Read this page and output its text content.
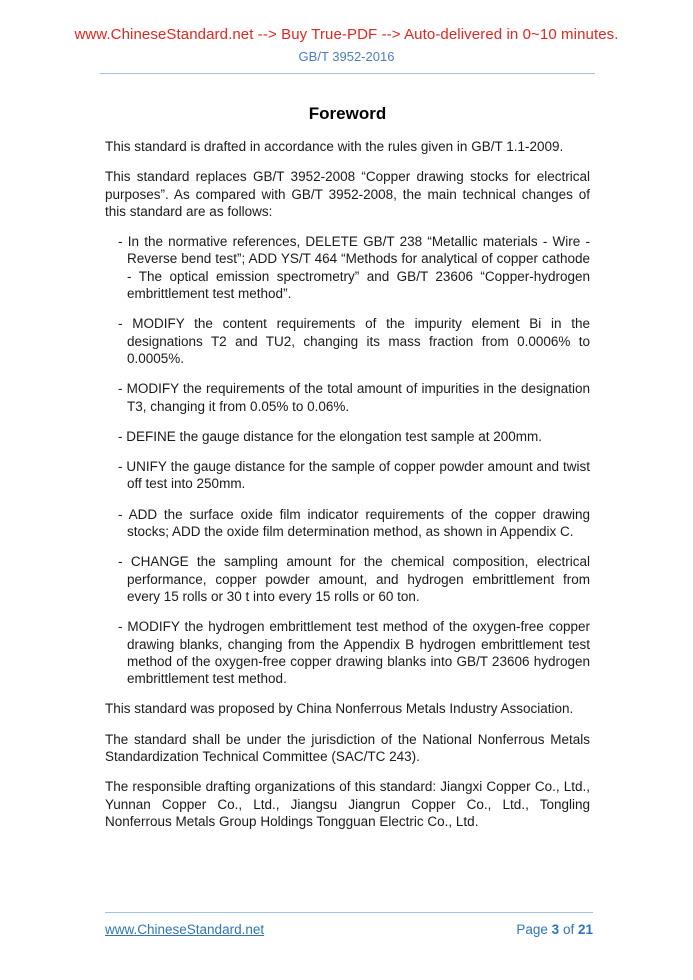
www.ChineseStandard.net --> Buy True-PDF --> Auto-delivered in 0~10 minutes.
GB/T 3952-2016
Foreword

This standard is drafted in accordance with the rules given in GB/T 1.1-2009.

This standard replaces GB/T 3952-2008 “Copper drawing stocks for electrical purposes”. As compared with GB/T 3952-2008, the main technical changes of this standard are as follows:

- In the normative references, DELETE GB/T 238 “Metallic materials - Wire - Reverse bend test”; ADD YS/T 464 “Methods for analytical of copper cathode - The optical emission spectrometry” and GB/T 23606 “Copper-hydrogen embrittlement test method”.

- MODIFY the content requirements of the impurity element Bi in the designations T2 and TU2, changing its mass fraction from 0.0006% to 0.0005%.

- MODIFY the requirements of the total amount of impurities in the designation T3, changing it from 0.05% to 0.06%.

- DEFINE the gauge distance for the elongation test sample at 200mm.

- UNIFY the gauge distance for the sample of copper powder amount and twist off test into 250mm.

- ADD the surface oxide film indicator requirements of the copper drawing stocks; ADD the oxide film determination method, as shown in Appendix C.

- CHANGE the sampling amount for the chemical composition, electrical performance, copper powder amount, and hydrogen embrittlement from every 15 rolls or 30 t into every 15 rolls or 60 ton.

- MODIFY the hydrogen embrittlement test method of the oxygen-free copper drawing blanks, changing from the Appendix B hydrogen embrittlement test method of the oxygen-free copper drawing blanks into GB/T 23606 hydrogen embrittlement test method.

This standard was proposed by China Nonferrous Metals Industry Association.

The standard shall be under the jurisdiction of the National Nonferrous Metals Standardization Technical Committee (SAC/TC 243).

The responsible drafting organizations of this standard: Jiangxi Copper Co., Ltd., Yunnan Copper Co., Ltd., Jiangsu Jiangrun Copper Co., Ltd., Tongling Nonferrous Metals Group Holdings Tongguan Electric Co., Ltd.

www.ChineseStandard.net	Page 3 of 21
